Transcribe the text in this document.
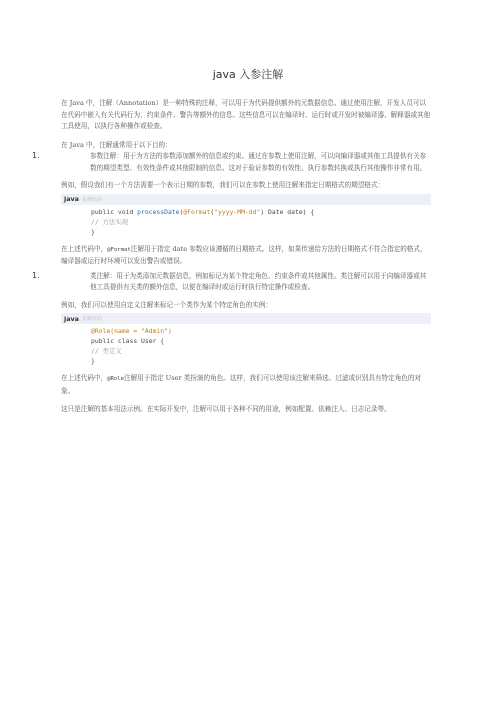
java 入参注解

在 Java 中，注解（Annotation）是一种特殊的注释，可以用于为代码提供额外的元数据信息。通过使用注解，开发人员可以在代码中嵌入有关代码行为、约束条件、警告等额外的信息。这些信息可以在编译时、运行时或开发时被编译器、解释器或其他工具使用，以执行各种操作或检查。

在 Java 中，注解通常用于以下目的：

1.	参数注解：用于为方法的参数添加额外的信息或约束。通过在参数上使用注解，可以向编译器或其他工具提供有关参数的期望类型、有效性条件或其他限制的信息。这对于验证参数的有效性、执行参数转换或执行其他操作非常有用。

例如，假设我们有一个方法需要一个表示日期的参数，我们可以在参数上使用注解来指定日期格式的期望格式：

java 复制代码
public void processDate(@Format("yyyy-MM-dd") Date date) {
// 方法实现
}

在上述代码中，@Format注解用于指定 date 参数应该遵循的日期格式。这样，如果传递给方法的日期格式不符合指定的格式，编译器或运行时环境可以发出警告或错误。

1.	类注解：用于为类添加元数据信息，例如标记为某个特定角色、约束条件或其他属性。类注解可以用于向编译器或其他工具提供有关类的额外信息，以便在编译时或运行时执行特定操作或检查。

例如，我们可以使用自定义注解来标记一个类作为某个特定角色的实例：

java 复制代码
@Role(name = "Admin")
public class User {
// 类定义
}

在上述代码中，@Role注解用于指定 User 类扮演的角色。这样，我们可以使用该注解来筛选、过滤或识别具有特定角色的对象。

这只是注解的基本用法示例。在实际开发中，注解可以用于各种不同的用途，例如配置、依赖注入、日志记录等。
